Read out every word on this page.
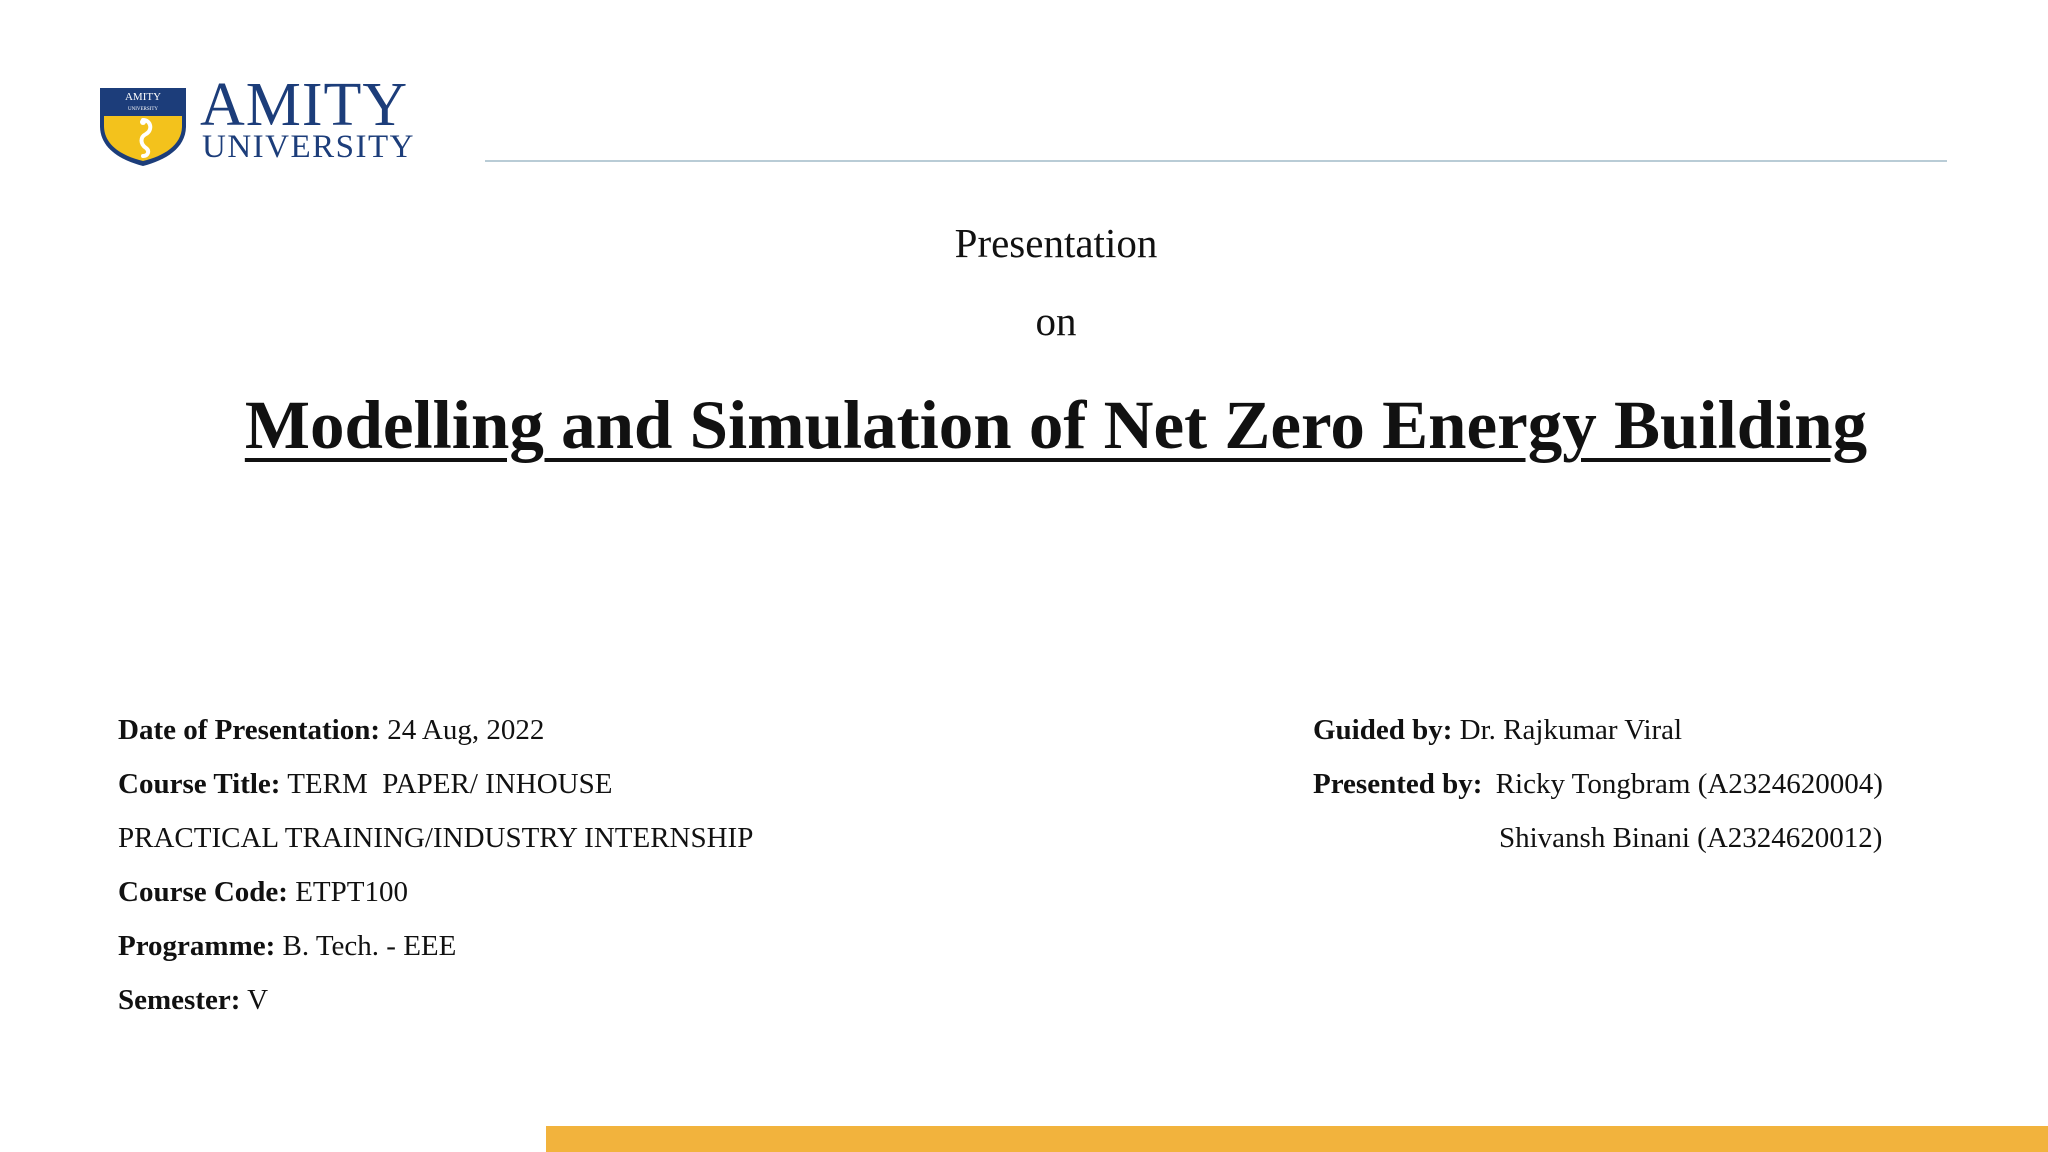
AMITY
UNIVERSITY AMITY
UNIVERSITY
Presentation
on
Modelling and Simulation of Net Zero Energy Building
Date of Presentation: 24 Aug, 2022
Course Title: TERM  PAPER/ INHOUSE
PRACTICAL TRAINING/INDUSTRY INTERNSHIP
Course Code: ETPT100
Programme: B. Tech. - EEE
Semester: V
Guided by: Dr. Rajkumar Viral
Presented by: Ricky Tongbram (A2324620004)
Shivansh Binani (A2324620012)
